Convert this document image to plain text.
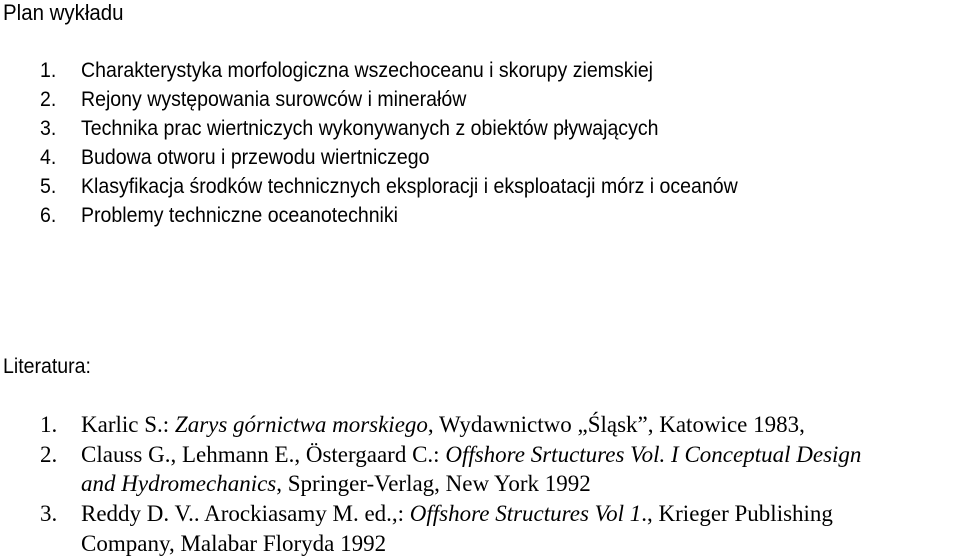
Plan wykładu
1. Charakterystyka morfologiczna wszechoceanu i skorupy ziemskiej
2. Rejony występowania surowców i minerałów
3. Technika prac wiertniczych wykonywanych z obiektów pływających
4. Budowa otworu i przewodu wiertniczego
5. Klasyfikacja środków technicznych eksploracji i eksploatacji mórz i oceanów
6. Problemy techniczne oceanotechniki
Literatura:
1. Karlic S.: Zarys górnictwa morskiego, Wydawnictwo „Śląsk”, Katowice 1983,
2. Clauss G., Lehmann E., Östergaard C.: Offshore Srtuctures Vol. I Conceptual Design
and Hydromechanics, Springer-Verlag, New York 1992
3. Reddy D. V.. Arockiasamy M. ed.,: Offshore Structures Vol 1., Krieger Publishing
Company, Malabar Floryda 1992
